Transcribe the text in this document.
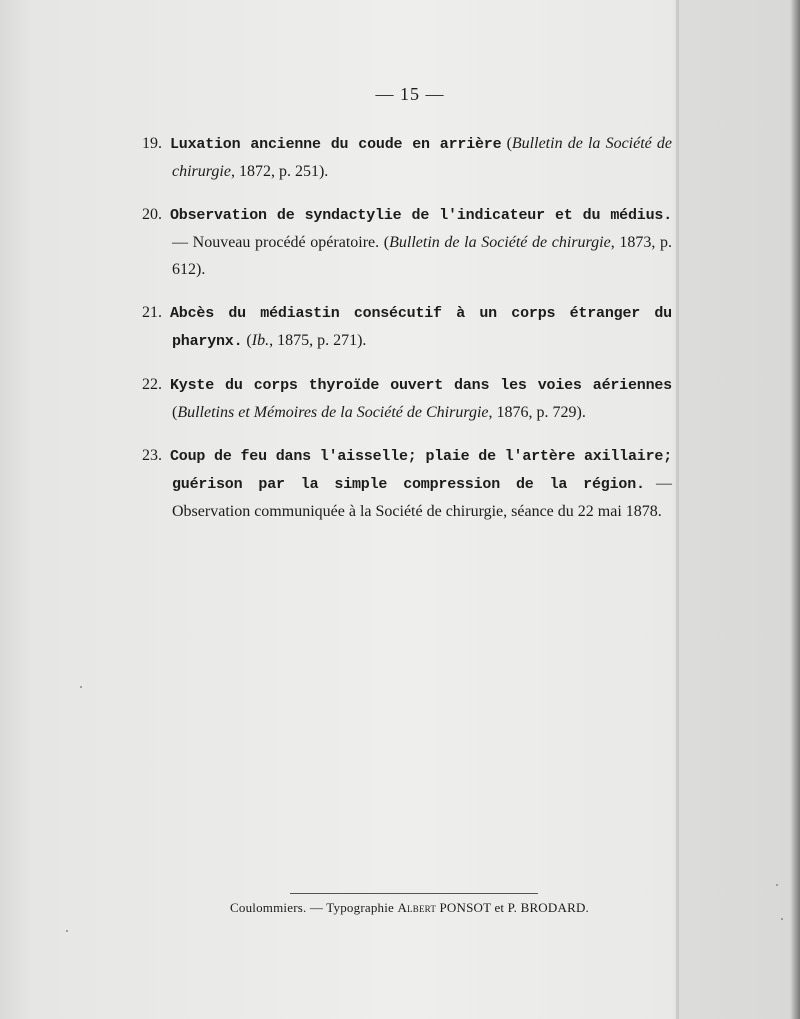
— 15 —

19. Luxation ancienne du coude en arrière (Bulletin de la Société de chirurgie, 1872, p. 251).

20. Observation de syndactylie de l'indicateur et du médius. — Nouveau procédé opératoire. (Bulletin de la Société de chirurgie, 1873, p. 612).

21. Abcès du médiastin consécutif à un corps étranger du pharynx. (Ib., 1875, p. 271).

22. Kyste du corps thyroïde ouvert dans les voies aériennes (Bulletins et Mémoires de la Société de Chirurgie, 1876, p. 729).

23. Coup de feu dans l'aisselle; plaie de l'artère axillaire; guérison par la simple compression de la région. — Observation communiquée à la Société de chirurgie, séance du 22 mai 1878.

Coulommiers. — Typographie Albert PONSOT et P. BRODARD.
